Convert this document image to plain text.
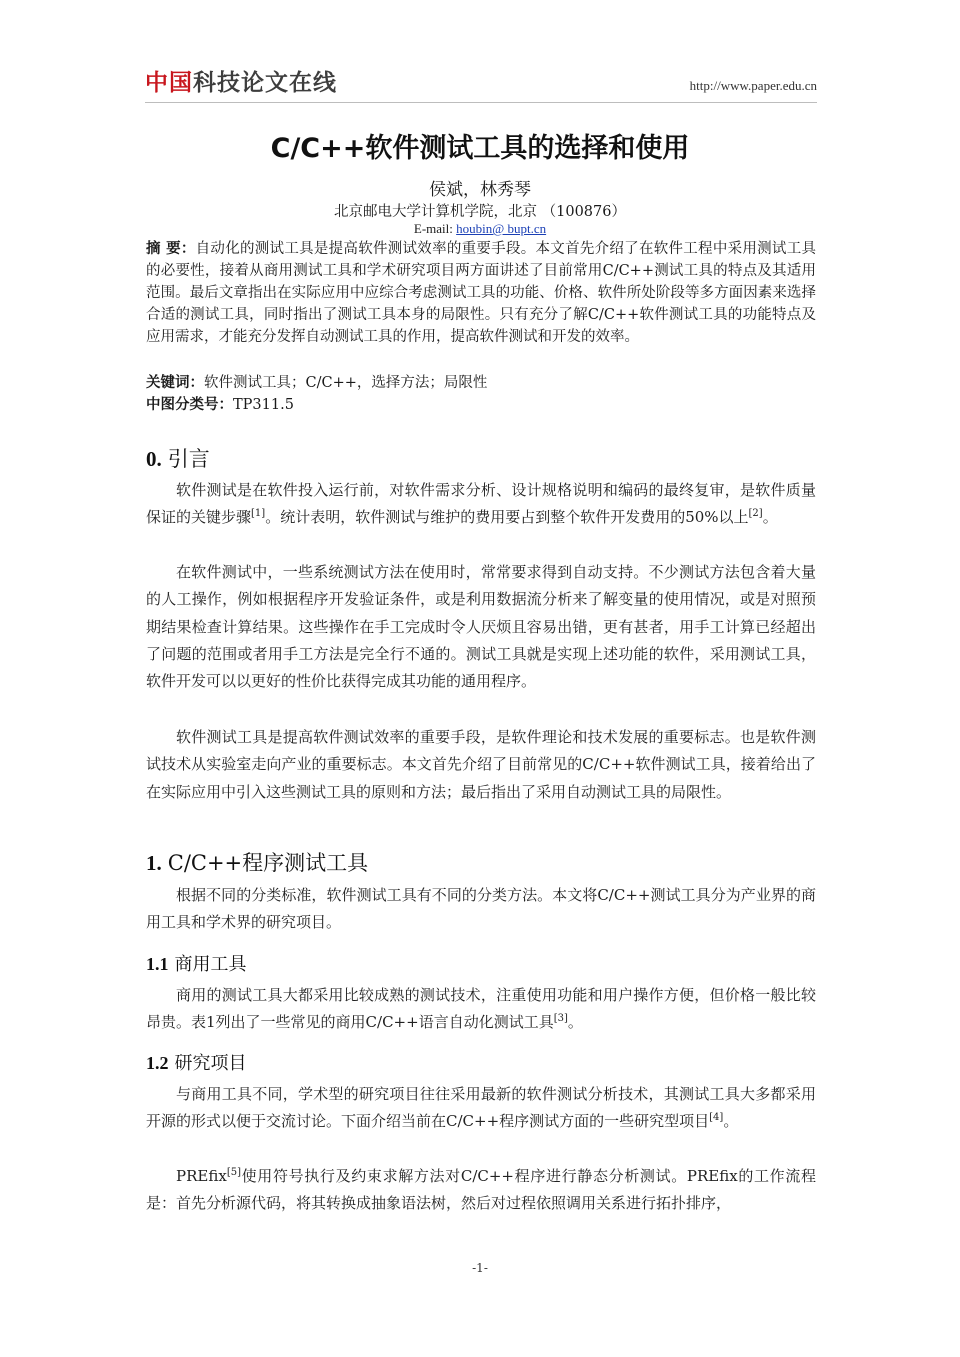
中国科技论文在线	http://www.paper.edu.cn
C/C++软件测试工具的选择和使用
侯斌，林秀琴
北京邮电大学计算机学院，北京 （100876）
E-mail: houbin@ bupt.cn
摘 要：自动化的测试工具是提高软件测试效率的重要手段。本文首先介绍了在软件工程中采用测试工具的必要性，接着从商用测试工具和学术研究项目两方面讲述了目前常用C/C++测试工具的特点及其适用范围。最后文章指出在实际应用中应综合考虑测试工具的功能、价格、软件所处阶段等多方面因素来选择合适的测试工具，同时指出了测试工具本身的局限性。只有充分了解C/C++软件测试工具的功能特点及应用需求，才能充分发挥自动测试工具的作用，提高软件测试和开发的效率。
关键词：软件测试工具；C/C++，选择方法；局限性
中图分类号：TP311.5
0. 引言
软件测试是在软件投入运行前，对软件需求分析、设计规格说明和编码的最终复审，是软件质量保证的关键步骤[1]。统计表明，软件测试与维护的费用要占到整个软件开发费用的50%以上[2]。
在软件测试中，一些系统测试方法在使用时，常常要求得到自动支持。不少测试方法包含着大量的人工操作，例如根据程序开发验证条件，或是利用数据流分析来了解变量的使用情况，或是对照预期结果检查计算结果。这些操作在手工完成时令人厌烦且容易出错，更有甚者，用手工计算已经超出了问题的范围或者用手工方法是完全行不通的。测试工具就是实现上述功能的软件，采用测试工具，软件开发可以以更好的性价比获得完成其功能的通用程序。
软件测试工具是提高软件测试效率的重要手段，是软件理论和技术发展的重要标志。也是软件测试技术从实验室走向产业的重要标志。本文首先介绍了目前常见的C/C++软件测试工具，接着给出了在实际应用中引入这些测试工具的原则和方法；最后指出了采用自动测试工具的局限性。
1. C/C++程序测试工具
根据不同的分类标准，软件测试工具有不同的分类方法。本文将C/C++测试工具分为产业界的商用工具和学术界的研究项目。
1.1 商用工具
商用的测试工具大都采用比较成熟的测试技术，注重使用功能和用户操作方便，但价格一般比较昂贵。表1列出了一些常见的商用C/C++语言自动化测试工具[3]。
1.2 研究项目
与商用工具不同，学术型的研究项目往往采用最新的软件测试分析技术，其测试工具大多都采用开源的形式以便于交流讨论。下面介绍当前在C/C++程序测试方面的一些研究型项目[4]。
PREfix[5]使用符号执行及约束求解方法对C/C++程序进行静态分析测试。PREfix的工作流程是：首先分析源代码，将其转换成抽象语法树，然后对过程依照调用关系进行拓扑排序，
-1-
